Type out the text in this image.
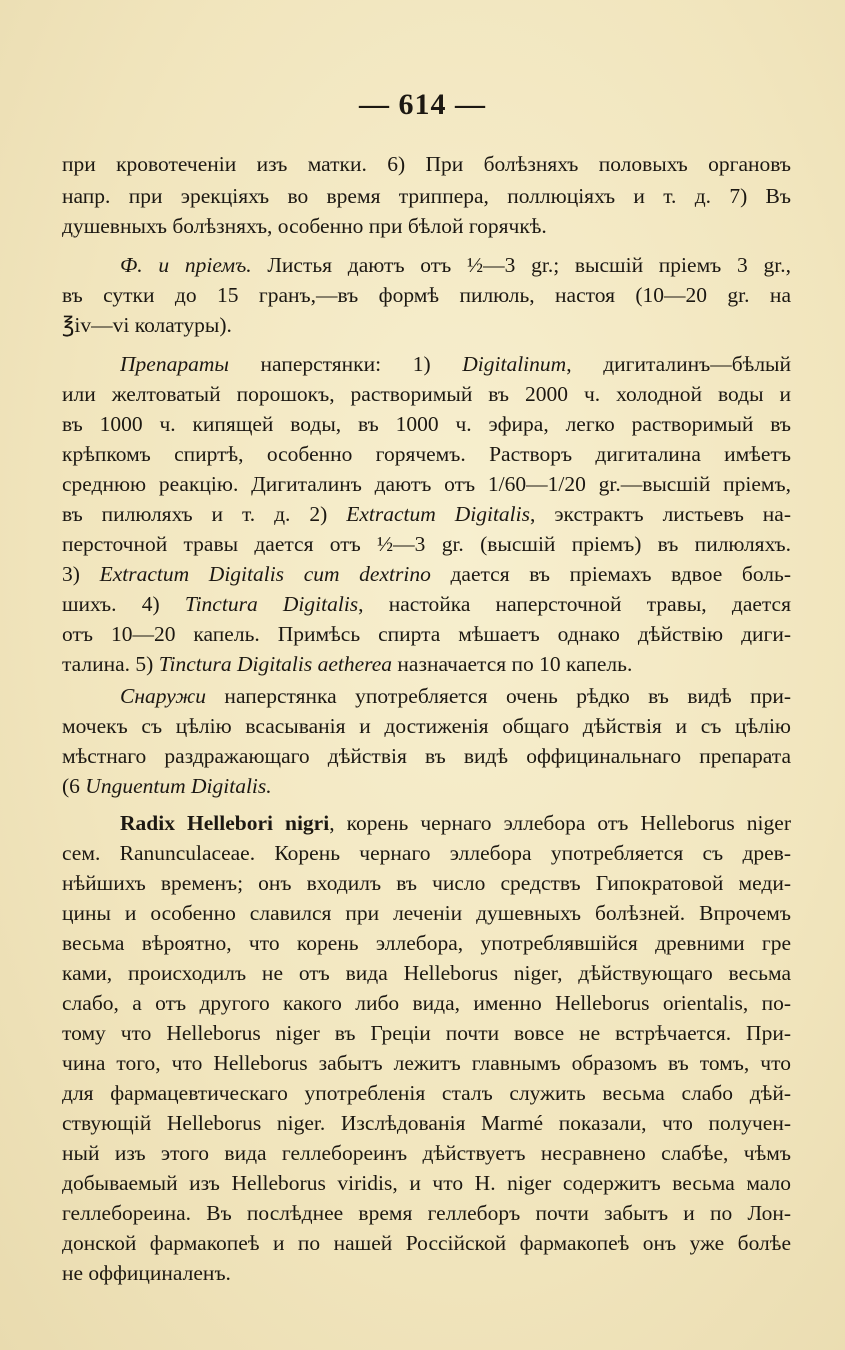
— 614 —
при кровотеченіи изъ матки. 6) При болѣзняхъ половыхъ органовъ
напр. при эрекціяхъ во время триппера, поллюціяхъ и т. д. 7) Въ
душевныхъ болѣзняхъ, особенно при бѣлой горячкѣ.
Ф. и пріемъ. Листья даютъ отъ ½—3 gr.; высшій пріемъ 3 gr.,
въ сутки до 15 гранъ,—въ формѣ пилюль, настоя (10—20 gr. на
℥iv—vi колатуры).
Препараты наперстянки: 1) Digitalinum, дигиталинъ—бѣлый
или желтоватый порошокъ, растворимый въ 2000 ч. холодной воды и
въ 1000 ч. кипящей воды, въ 1000 ч. эфира, легко растворимый въ
крѣпкомъ спиртѣ, особенно горячемъ. Растворъ дигиталина имѣетъ
среднюю реакцію. Дигиталинъ даютъ отъ 1/60—1/20 gr.—высшій пріемъ,
въ пилюляхъ и т. д. 2) Extractum Digitalis, экстрактъ листьевъ на-
персточной травы дается отъ ½—3 gr. (высшій пріемъ) въ пилюляхъ.
3) Extractum Digitalis cum dextrino дается въ пріемахъ вдвое боль-
шихъ. 4) Tinctura Digitalis, настойка наперсточной травы, дается
отъ 10—20 капель. Примѣсь спирта мѣшаетъ однако дѣйствію диги-
талина. 5) Tinctura Digitalis aetherea назначается по 10 капель.
Снаружи наперстянка употребляется очень рѣдко въ видѣ при-
мочекъ съ цѣлію всасыванія и достиженія общаго дѣйствія и съ цѣлію
мѣстнаго раздражающаго дѣйствія въ видѣ оффицинальнаго препарата
(6 Unguentum Digitalis.
Radix Hellebori nigri, корень чернаго эллебора отъ Helleborus niger
сем. Ranunculaceae. Корень чернаго эллебора употребляется съ древ-
нѣйшихъ временъ; онъ входилъ въ число средствъ Гипократовой меди-
цины и особенно славился при леченіи душевныхъ болѣзней. Впрочемъ
весьма вѣроятно, что корень эллебора, употреблявшійся древними гре
ками, происходилъ не отъ вида Helleborus niger, дѣйствующаго весьма
слабо, а отъ другого какого либо вида, именно Helleborus orientalis, по-
тому что Helleborus niger въ Греціи почти вовсе не встрѣчается. При-
чина того, что Helleborus забытъ лежитъ главнымъ образомъ въ томъ, что
для фармацевтическаго употребленія сталъ служить весьма слабо дѣй-
ствующій Helleborus niger. Изслѣдованія Marmé показали, что получен-
ный изъ этого вида геллебореинъ дѣйствуетъ несравнено слабѣе, чѣмъ
добываемый изъ Helleborus viridis, и что H. niger содержитъ весьма мало
геллебореина. Въ послѣднее время геллеборъ почти забытъ и по Лон-
донской фармакопеѣ и по нашей Россійской фармакопеѣ онъ уже болѣе
не оффициналенъ.
